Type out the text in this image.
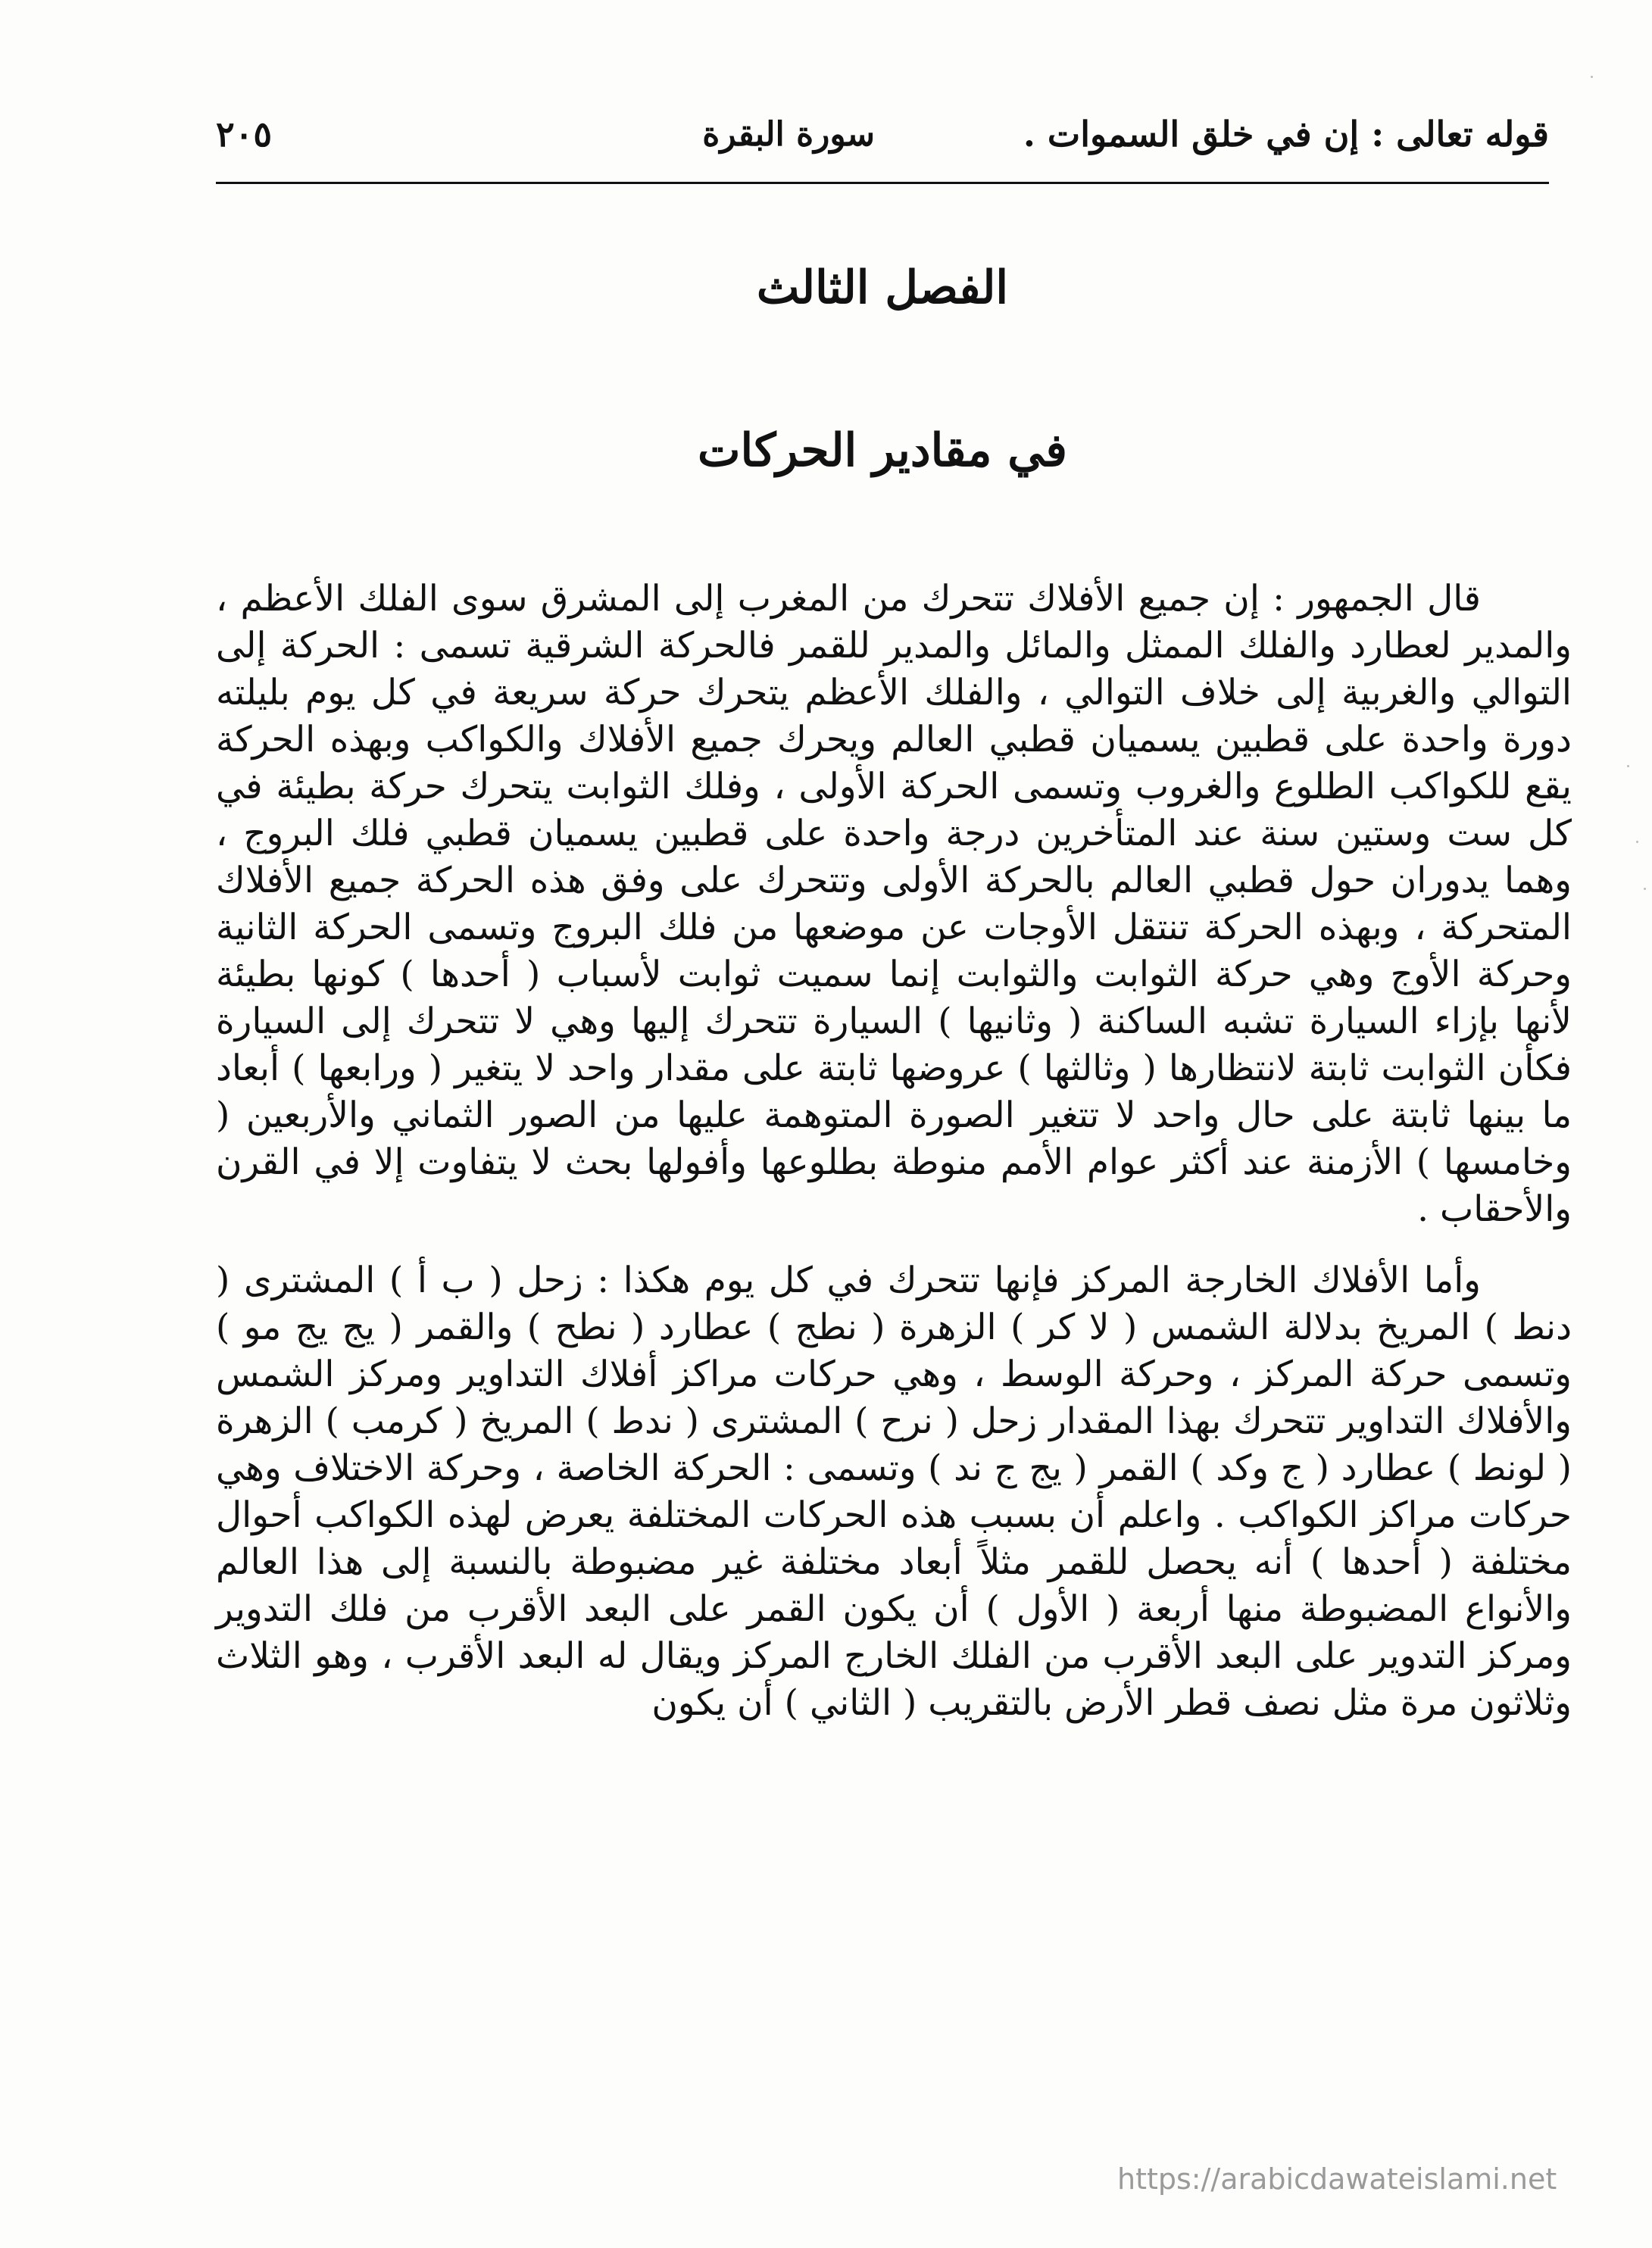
قوله تعالى : إن في خلق السموات .
سورة البقرة
٢٠٥
الفصل الثالث
في مقادير الحركات

قال الجمهور : إن جميع الأفلاك تتحرك من المغرب إلى المشرق سوى الفلك الأعظم ، والمدير لعطارد والفلك الممثل والمائل والمدير للقمر فالحركة الشرقية تسمى : الحركة إلى التوالي والغربية إلى خلاف التوالي ، والفلك الأعظم يتحرك حركة سريعة في كل يوم بليلته دورة واحدة على قطبين يسميان قطبي العالم ويحرك جميع الأفلاك والكواكب وبهذه الحركة يقع للكواكب الطلوع والغروب وتسمى الحركة الأولى ، وفلك الثوابت يتحرك حركة بطيئة في كل ست وستين سنة عند المتأخرين درجة واحدة على قطبين يسميان قطبي فلك البروج ، وهما يدوران حول قطبي العالم بالحركة الأولى وتتحرك على وفق هذه الحركة جميع الأفلاك المتحركة ، وبهذه الحركة تنتقل الأوجات عن موضعها من فلك البروج وتسمى الحركة الثانية وحركة الأوج وهي حركة الثوابت والثوابت إنما سميت ثوابت لأسباب ( أحدها ) كونها بطيئة لأنها بإزاء السيارة تشبه الساكنة ( وثانيها ) السيارة تتحرك إليها وهي لا تتحرك إلى السيارة فكأن الثوابت ثابتة لانتظارها ( وثالثها ) عروضها ثابتة على مقدار واحد لا يتغير ( ورابعها ) أبعاد ما بينها ثابتة على حال واحد لا تتغير الصورة المتوهمة عليها من الصور الثماني والأربعين ( وخامسها ) الأزمنة عند أكثر عوام الأمم منوطة بطلوعها وأفولها بحث لا يتفاوت إلا في القرن والأحقاب .

وأما الأفلاك الخارجة المركز فإنها تتحرك في كل يوم هكذا : زحل ( ب أ ) المشترى ( دنط ) المريخ بدلالة الشمس ( لا كر ) الزهرة ( نطج ) عطارد ( نطح ) والقمر ( يج يج مو ) وتسمى حركة المركز ، وحركة الوسط ، وهي حركات مراكز أفلاك التداوير ومركز الشمس والأفلاك التداوير تتحرك بهذا المقدار زحل ( نرح ) المشترى ( ندط ) المريخ ( كرمب ) الزهرة ( لونط ) عطارد ( ج وكد ) القمر ( يج ج ند ) وتسمى : الحركة الخاصة ، وحركة الاختلاف وهي حركات مراكز الكواكب . واعلم أن بسبب هذه الحركات المختلفة يعرض لهذه الكواكب أحوال مختلفة ( أحدها ) أنه يحصل للقمر مثلاً أبعاد مختلفة غير مضبوطة بالنسبة إلى هذا العالم والأنواع المضبوطة منها أربعة ( الأول ) أن يكون القمر على البعد الأقرب من فلك التدوير ومركز التدوير على البعد الأقرب من الفلك الخارج المركز ويقال له البعد الأقرب ، وهو الثلاث وثلاثون مرة مثل نصف قطر الأرض بالتقريب ( الثاني ) أن يكون

https://arabicdawateislami.net
